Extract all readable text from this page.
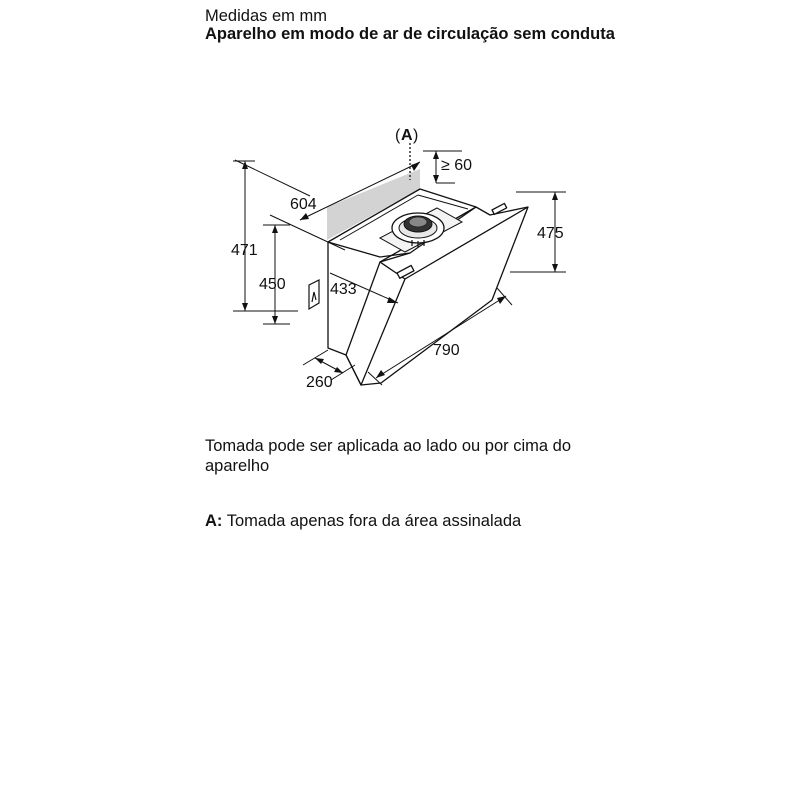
Medidas em mm
Aparelho em modo de ar de circulação sem conduta
( A )
≥ 60
604
471
450	433
260
790
475
Tomada pode ser aplicada ao lado ou por cima do aparelho
A: Tomada apenas fora da área assinalada
